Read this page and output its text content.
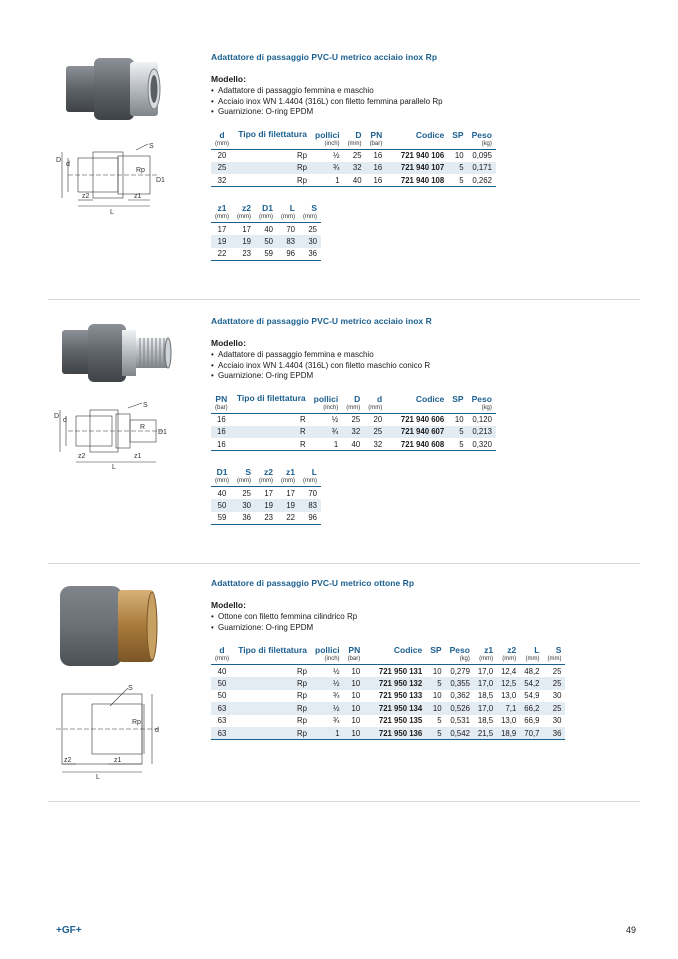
D
d
S
D1
Rp
z2	z1
L
Adattatore di passaggio PVC-U metrico acciaio inox Rp
Modello:
• Adattatore di passaggio femmina e maschio
• Acciaio inox WN 1.4404 (316L) con filetto femmina parallelo Rp
• Guarnizione: O-ring EPDM
d	Tipo di filettatura	pollici	D	PN	Codice	SP	Peso
(mm)		(inch)	(mm)	(bar)			(kg)
20	Rp	½	25	16	721 940 106	10	0,095
25	Rp	¾	32	16	721 940 107	5	0,171
32	Rp	1	40	16	721 940 108	5	0,262
z1	z2	D1	L	S
(mm)	(mm)	(mm)	(mm)	(mm)
17	17	40	70	25
19	19	50	83	30
22	23	59	96	36
D
d
S
D1
R
z2	z1
L
Adattatore di passaggio PVC-U metrico acciaio inox R
Modello:
• Adattatore di passaggio femmina e maschio
• Acciaio inox WN 1.4404 (316L) con filetto maschio conico R
• Guarnizione: O-ring EPDM
PN	Tipo di filettatura	pollici	D	d	Codice	SP	Peso
(bar)		(inch)	(mm)	(mm)			(kg)
16	R	½	25	20	721 940 606	10	0,120
16	R	¾	32	25	721 940 607	5	0,213
16	R	1	40	32	721 940 608	5	0,320
D1	S	z2	z1	L
(mm)	(mm)	(mm)	(mm)	(mm)
40	25	17	17	70
50	30	19	19	83
59	36	23	22	96
S
Rp
d
z2	z1
L
Adattatore di passaggio PVC-U metrico ottone Rp
Modello:
• Ottone con filetto femmina cilindrico Rp
• Guarnizione: O-ring EPDM
d	Tipo di filettatura	pollici	PN	Codice	SP	Peso	z1	z2	L	S
(mm)		(inch)	(bar)			(kg)	(mm)	(mm)	(mm)	(mm)
40	Rp	½	10	721 950 131	10	0,279	17,0	12,4	48,2	25
50	Rp	½	10	721 950 132	5	0,355	17,0	12,5	54,2	25
50	Rp	¾	10	721 950 133	10	0,362	18,5	13,0	54,9	30
63	Rp	½	10	721 950 134	10	0,526	17,0	7,1	66,2	25
63	Rp	¾	10	721 950 135	5	0,531	18,5	13,0	66,9	30
63	Rp	1	10	721 950 136	5	0,542	21,5	18,9	70,7	36
+GF+	49
